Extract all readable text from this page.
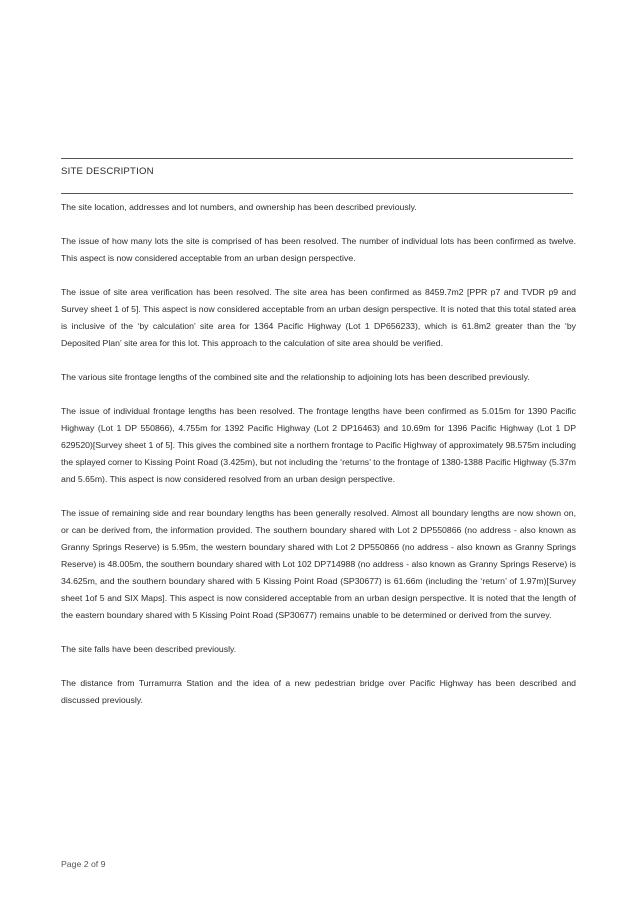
SITE DESCRIPTION

The site location, addresses and lot numbers, and ownership has been described previously.

The issue of how many lots the site is comprised of has been resolved. The number of individual lots has been confirmed as twelve. This aspect is now considered acceptable from an urban design perspective.

The issue of site area verification has been resolved. The site area has been confirmed as 8459.7m2 [PPR p7 and TVDR p9 and Survey sheet 1 of 5]. This aspect is now considered acceptable from an urban design perspective. It is noted that this total stated area is inclusive of the ‘by calculation’ site area for 1364 Pacific Highway (Lot 1 DP656233), which is 61.8m2 greater than the ‘by Deposited Plan’ site area for this lot. This approach to the calculation of site area should be verified.

The various site frontage lengths of the combined site and the relationship to adjoining lots has been described previously.

The issue of individual frontage lengths has been resolved. The frontage lengths have been confirmed as 5.015m for 1390 Pacific Highway (Lot 1 DP 550866), 4.755m for 1392 Pacific Highway (Lot 2 DP16463) and 10.69m for 1396 Pacific Highway (Lot 1 DP 629520)[Survey sheet 1 of 5]. This gives the combined site a northern frontage to Pacific Highway of approximately 98.575m including the splayed corner to Kissing Point Road (3.425m), but not including the ‘returns’ to the frontage of 1380-1388 Pacific Highway (5.37m and 5.65m). This aspect is now considered resolved from an urban design perspective.

The issue of remaining side and rear boundary lengths has been generally resolved. Almost all boundary lengths are now shown on, or can be derived from, the information provided. The southern boundary shared with Lot 2 DP550866 (no address - also known as Granny Springs Reserve) is 5.95m, the western boundary shared with Lot 2 DP550866 (no address - also known as Granny Springs Reserve) is 48.005m, the southern boundary shared with Lot 102 DP714988 (no address - also known as Granny Springs Reserve) is 34.625m, and the southern boundary shared with 5 Kissing Point Road (SP30677) is 61.66m (including the ‘return’ of 1.97m)[Survey sheet 1of 5 and SIX Maps]. This aspect is now considered acceptable from an urban design perspective. It is noted that the length of the eastern boundary shared with 5 Kissing Point Road (SP30677) remains unable to be determined or derived from the survey.

The site falls have been described previously.

The distance from Turramurra Station and the idea of a new pedestrian bridge over Pacific Highway has been described and discussed previously.

Page 2 of 9
